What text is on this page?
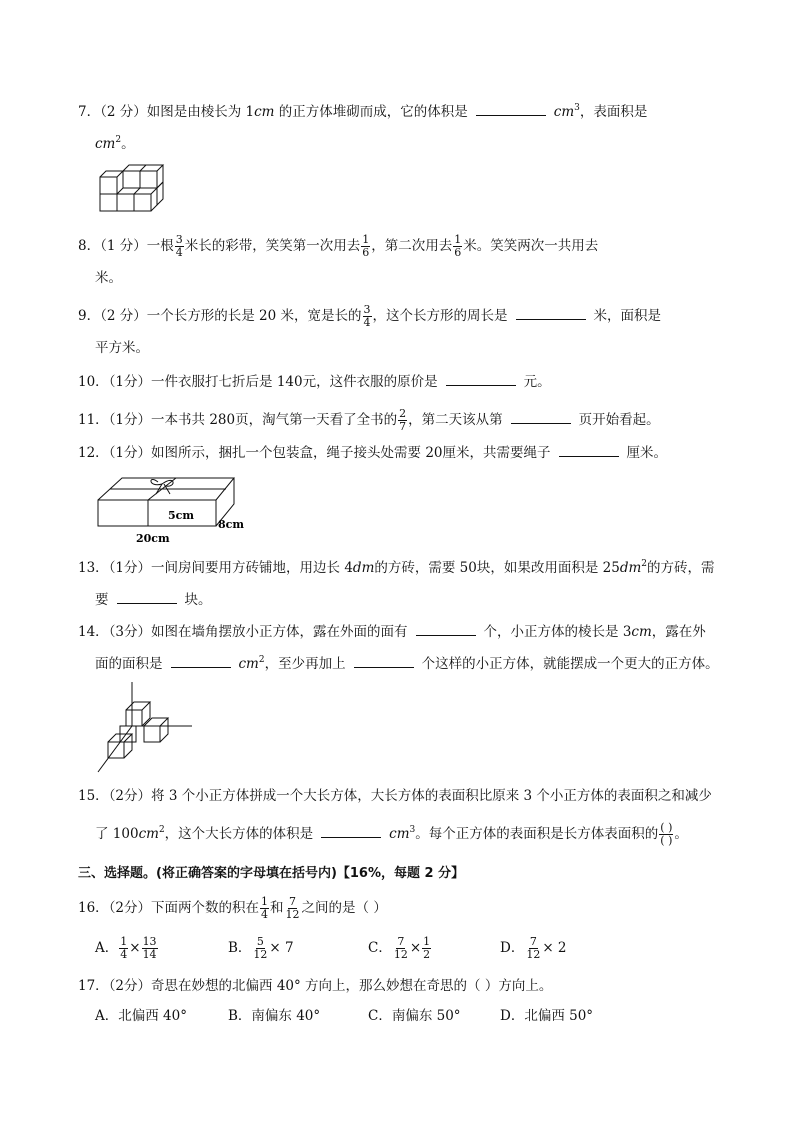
7．（2 分）如图是由棱长为 1cm 的正方体堆砌而成，它的体积是	$cm^3$，表面积是
$cm^2$。
8．（1 分）一根 $\frac{3}{4}$ 米长的彩带，笑笑第一次用去 $\frac{1}{6}$ ，第二次用去 $\frac{1}{6}$ 米。笑笑两次一共用去
米。
9．（2 分）一个长方形的长是 20 米，宽是长的 $\frac{3}{4}$ ，这个长方形的周长是	米，面积是
平方米。
10．（1分）一件衣服打七折后是 140元，这件衣服的原价是	元。
11．（1分）一本书共 280页，淘气第一天看了全书的 $\frac{2}{7}$ ，第二天该从第	页开始看起。
12．（1分）如图所示，捆扎一个包装盒，绳子接头处需要 20厘米，共需要绳子	厘米。
5cm
8cm
20cm
13．（1分）一间房间要用方砖铺地，用边长 4dm的方砖，需要 50块，如果改用面积是 $25dm^2$的方砖，需
要	块。
14．（3分）如图在墙角摆放小正方体，露在外面的面有	个，小正方体的棱长是 3cm，露在外
面的面积是	$cm^2$，至少再加上	个这样的小正方体，就能摆成一个更大的正方体。
15．（2分）将 3 个小正方体拼成一个大长方体，大长方体的表面积比原来 3 个小正方体的表面积之和减少
了 $100cm^2$，这个大长方体的体积是	$cm^3$。每个正方体的表面积是长方体表面积的 $\frac{( )}{( )}$ 。
三、选择题。(将正确答案的字母填在括号内)【16%，每题 2 分】
16．（2分）下面两个数的积在 $\frac{1}{4}$ 和 $\frac{7}{12}$ 之间的是（ ）
A． $\frac{1}{4} \times \frac{13}{14}$	B． $\frac{5}{12} \times 7$	C． $\frac{7}{12} \times \frac{1}{2}$	D． $\frac{7}{12} \times 2$
17．（2分）奇思在妙想的北偏西 40° 方向上，那么妙想在奇思的（ ）方向上。
A．北偏西 40°	B．南偏东 40°	C．南偏东 50°	D．北偏西 50°
